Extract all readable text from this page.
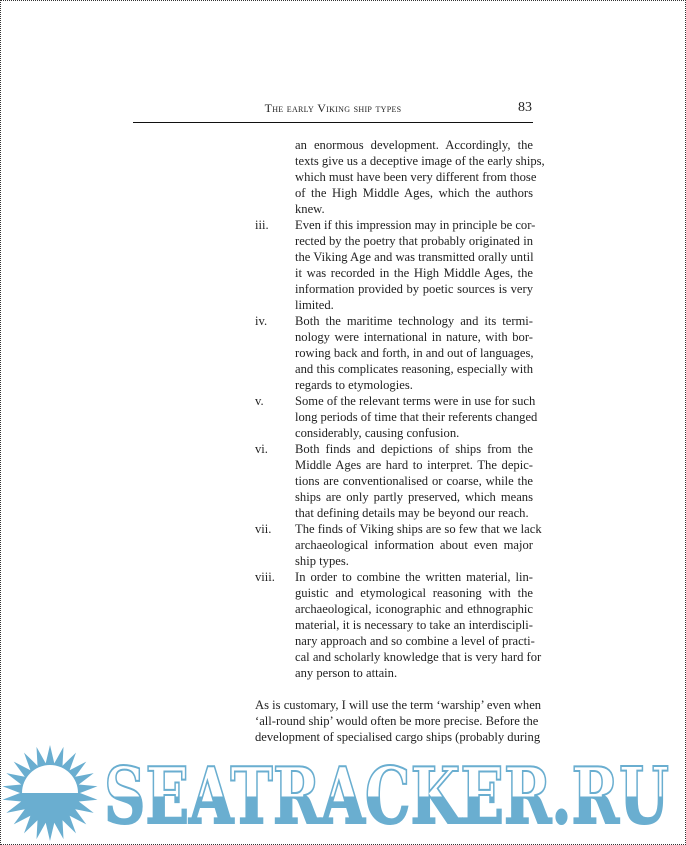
The early Viking ship types	83
an enormous development. Accordingly, the
texts give us a deceptive image of the early ships,
which must have been very different from those
of the High Middle Ages, which the authors
knew.
iii.	Even if this impression may in principle be cor-
rected by the poetry that probably originated in
the Viking Age and was transmitted orally until
it was recorded in the High Middle Ages, the
information provided by poetic sources is very
limited.
iv.	Both the maritime technology and its termi-
nology were international in nature, with bor-
rowing back and forth, in and out of languages,
and this complicates reasoning, especially with
regards to etymologies.
v.	Some of the relevant terms were in use for such
long periods of time that their referents changed
considerably, causing confusion.
vi.	Both finds and depictions of ships from the
Middle Ages are hard to interpret. The depic-
tions are conventionalised or coarse, while the
ships are only partly preserved, which means
that defining details may be beyond our reach.
vii.	The finds of Viking ships are so few that we lack
archaeological information about even major
ship types.
viii.	In order to combine the written material, lin-
guistic and etymological reasoning with the
archaeological, iconographic and ethnographic
material, it is necessary to take an interdiscipli-
nary approach and so combine a level of practi-
cal and scholarly knowledge that is very hard for
any person to attain.
As is customary, I will use the term ‘warship’ even when
‘all-round ship’ would often be more precise. Before the
development of specialised cargo ships (probably during
SEATRACKER.RU
